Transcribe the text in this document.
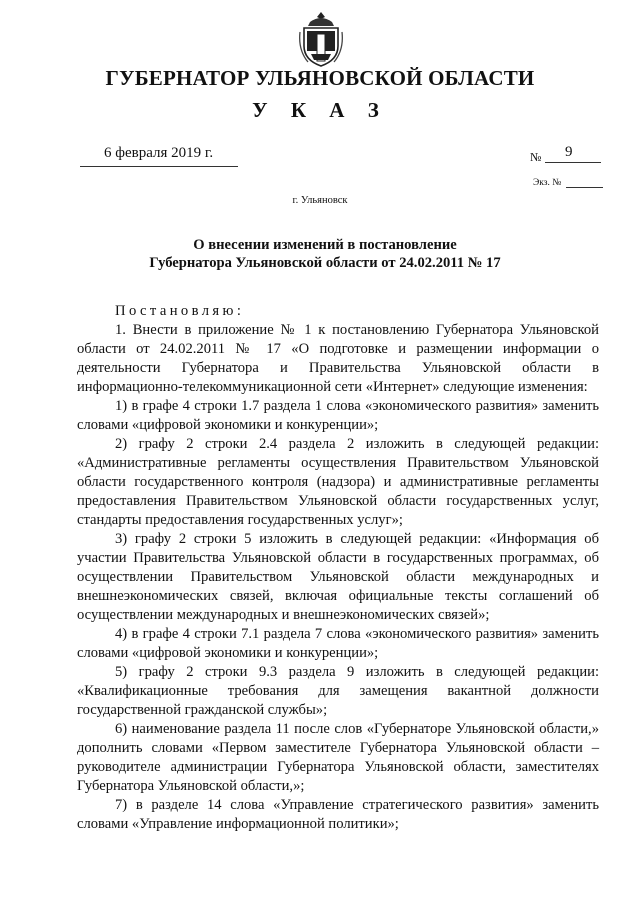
ГУБЕРНАТОР УЛЬЯНОВСКОЙ ОБЛАСТИ
У К А З
6 февраля 2019 г.	№ 9
Экз. №
г. Ульяновск
О внесении изменений в постановление
Губернатора Ульяновской области от 24.02.2011 № 17

Постановляю:

1. Внести в приложение № 1 к постановлению Губернатора Ульяновской области от 24.02.2011 № 17 «О подготовке и размещении информации о деятельности Губернатора и Правительства Ульяновской области в информационно-телекоммуникационной сети «Интернет» следующие изменения:

1) в графе 4 строки 1.7 раздела 1 слова «экономического развития» заменить словами «цифровой экономики и конкуренции»;

2) графу 2 строки 2.4 раздела 2 изложить в следующей редакции: «Административные регламенты осуществления Правительством Ульяновской области государственного контроля (надзора) и административные регламенты предоставления Правительством Ульяновской области государственных услуг, стандарты предоставления государственных услуг»;

3) графу 2 строки 5 изложить в следующей редакции: «Информация об участии Правительства Ульяновской области в государственных программах, об осуществлении Правительством Ульяновской области международных и внешнеэкономических связей, включая официальные тексты соглашений об осуществлении международных и внешнеэкономических связей»;

4) в графе 4 строки 7.1 раздела 7 слова «экономического развития» заменить словами «цифровой экономики и конкуренции»;

5) графу 2 строки 9.3 раздела 9 изложить в следующей редакции: «Квалификационные требования для замещения вакантной должности государственной гражданской службы»;

6) наименование раздела 11 после слов «Губернаторе Ульяновской области,» дополнить словами «Первом заместителе Губернатора Ульяновской области – руководителе администрации Губернатора Ульяновской области, заместителях Губернатора Ульяновской области,»;

7) в разделе 14 слова «Управление стратегического развития» заменить словами «Управление информационной политики»;
